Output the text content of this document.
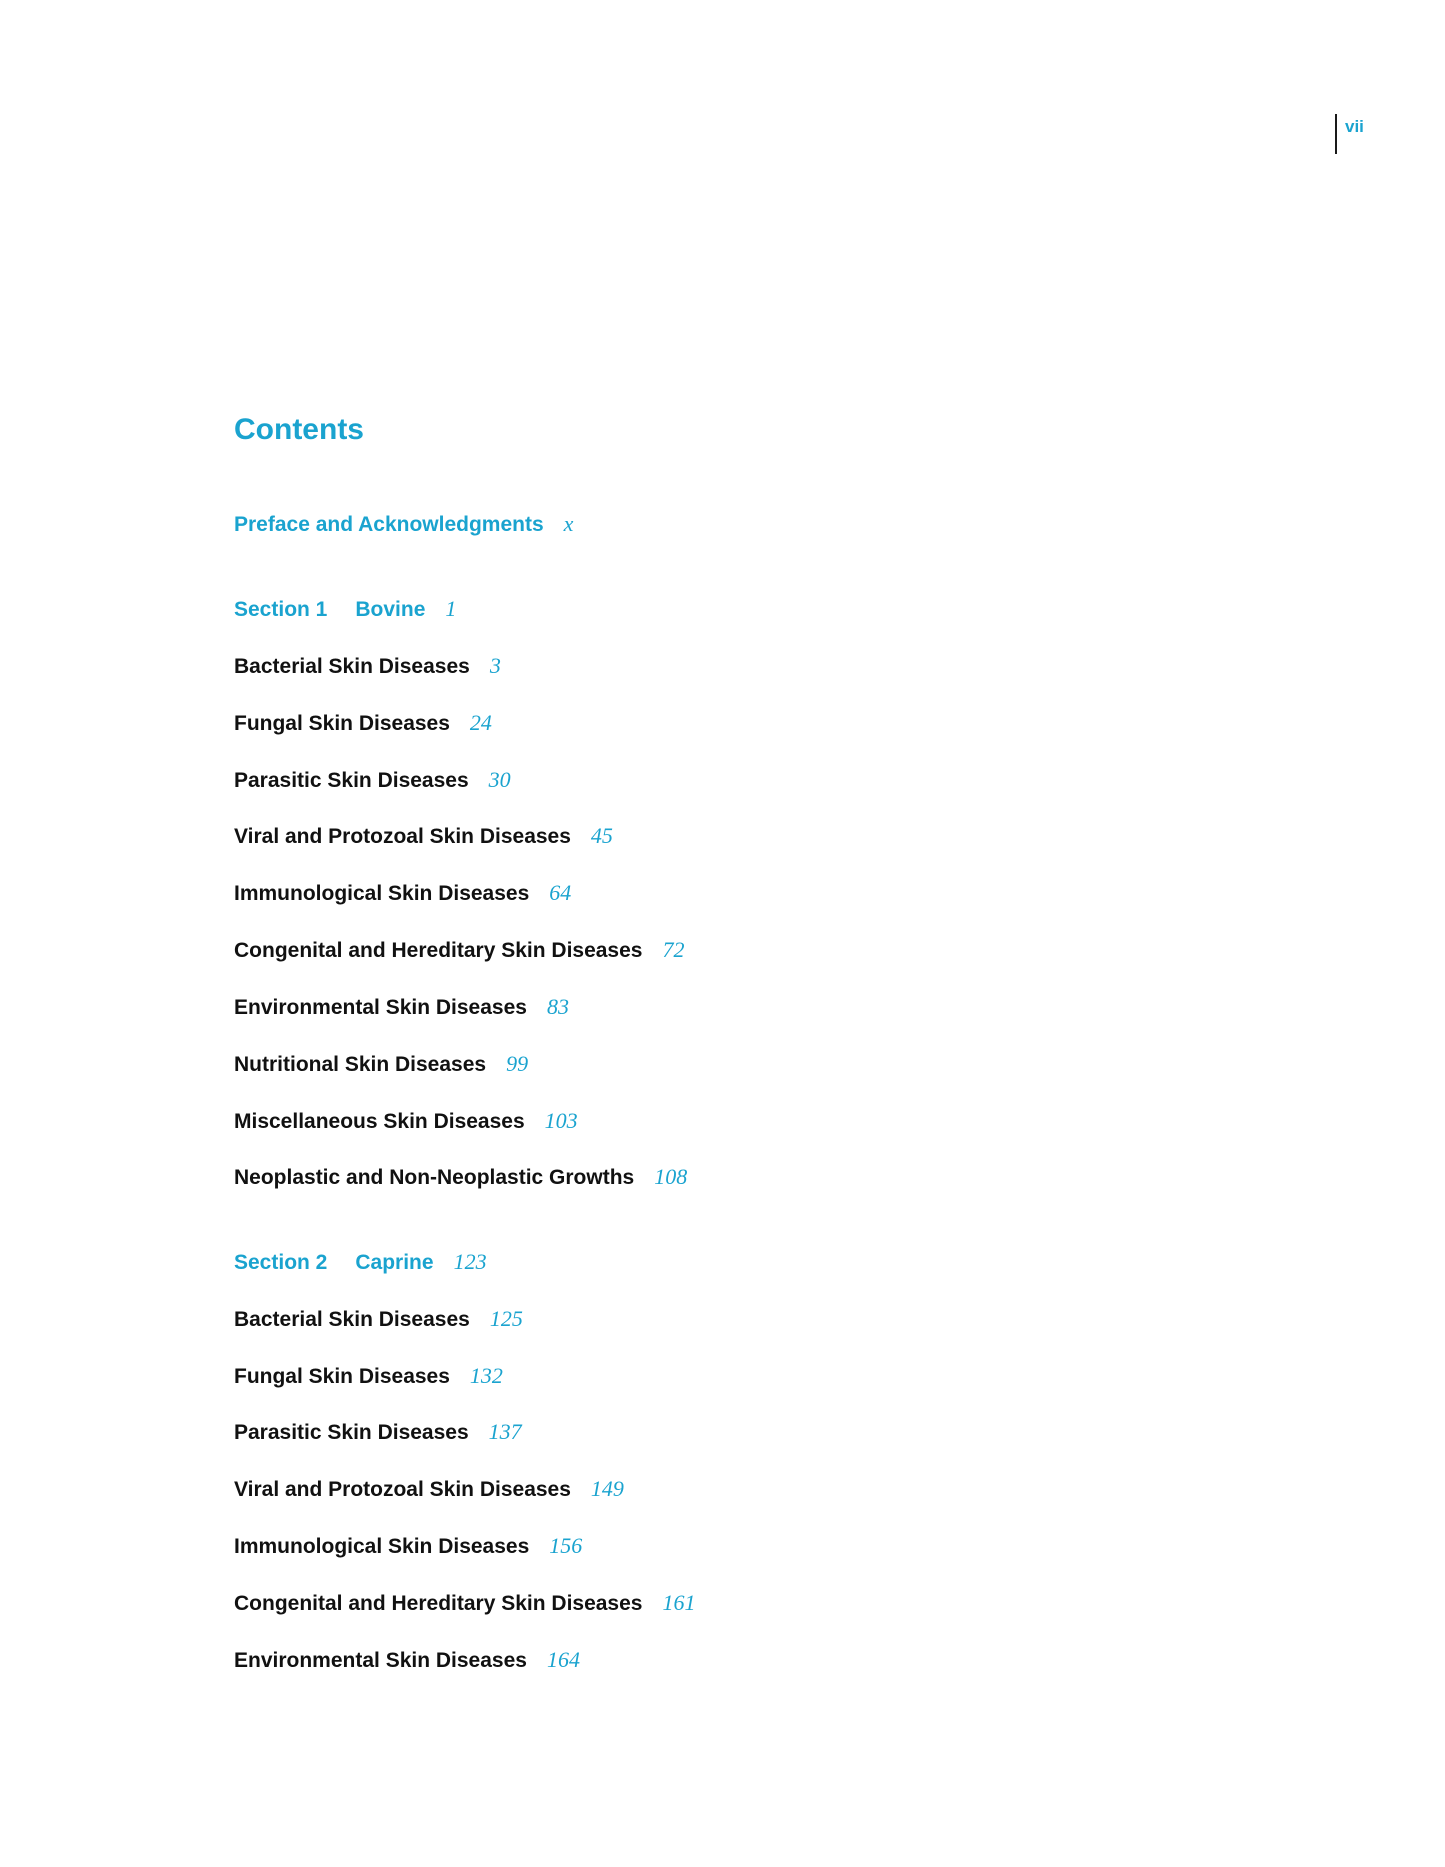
vii
Contents
Preface and Acknowledgments x
Section 1 Bovine 1
Bacterial Skin Diseases 3
Fungal Skin Diseases 24
Parasitic Skin Diseases 30
Viral and Protozoal Skin Diseases 45
Immunological Skin Diseases 64
Congenital and Hereditary Skin Diseases 72
Environmental Skin Diseases 83
Nutritional Skin Diseases 99
Miscellaneous Skin Diseases 103
Neoplastic and Non-Neoplastic Growths 108
Section 2 Caprine 123
Bacterial Skin Diseases 125
Fungal Skin Diseases 132
Parasitic Skin Diseases 137
Viral and Protozoal Skin Diseases 149
Immunological Skin Diseases 156
Congenital and Hereditary Skin Diseases 161
Environmental Skin Diseases 164
